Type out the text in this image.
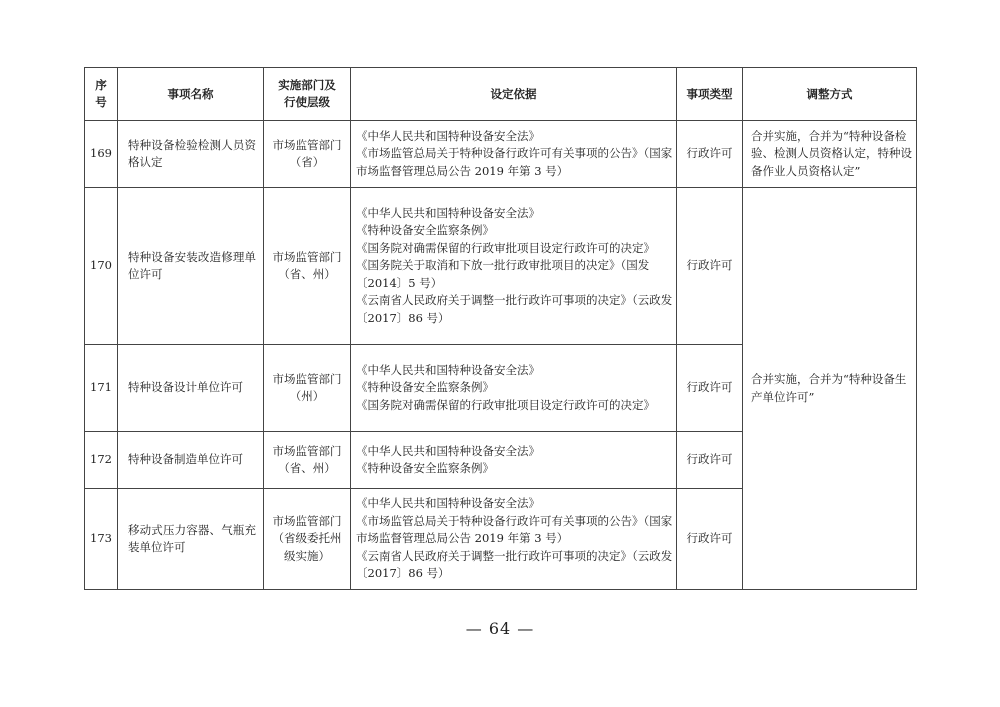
序号	事项名称	实施部门及行使层级	设定依据	事项类型	调整方式
169	特种设备检验检测人员资格认定	市场监管部门（省）	《中华人民共和国特种设备安全法》
《市场监管总局关于特种设备行政许可有关事项的公告》（国家市场监督管理总局公告 2019 年第 3 号）	行政许可	合并实施，合并为“特种设备检验、检测人员资格认定，特种设备作业人员资格认定”
170	特种设备安装改造修理单位许可	市场监管部门（省、州）	《中华人民共和国特种设备安全法》
《特种设备安全监察条例》
《国务院对确需保留的行政审批项目设定行政许可的决定》
《国务院关于取消和下放一批行政审批项目的决定》（国发〔2014〕5 号）
《云南省人民政府关于调整一批行政许可事项的决定》（云政发〔2017〕86 号）	行政许可	合并实施，合并为“特种设备生产单位许可”
171	特种设备设计单位许可	市场监管部门（州）	《中华人民共和国特种设备安全法》
《特种设备安全监察条例》
《国务院对确需保留的行政审批项目设定行政许可的决定》	行政许可	
172	特种设备制造单位许可	市场监管部门（省、州）	《中华人民共和国特种设备安全法》
《特种设备安全监察条例》	行政许可	
173	移动式压力容器、气瓶充装单位许可	市场监管部门（省级委托州级实施）	《中华人民共和国特种设备安全法》
《市场监管总局关于特种设备行政许可有关事项的公告》（国家市场监督管理总局公告 2019 年第 3 号）
《云南省人民政府关于调整一批行政许可事项的决定》（云政发〔2017〕86 号）	行政许可	
— 64 —
